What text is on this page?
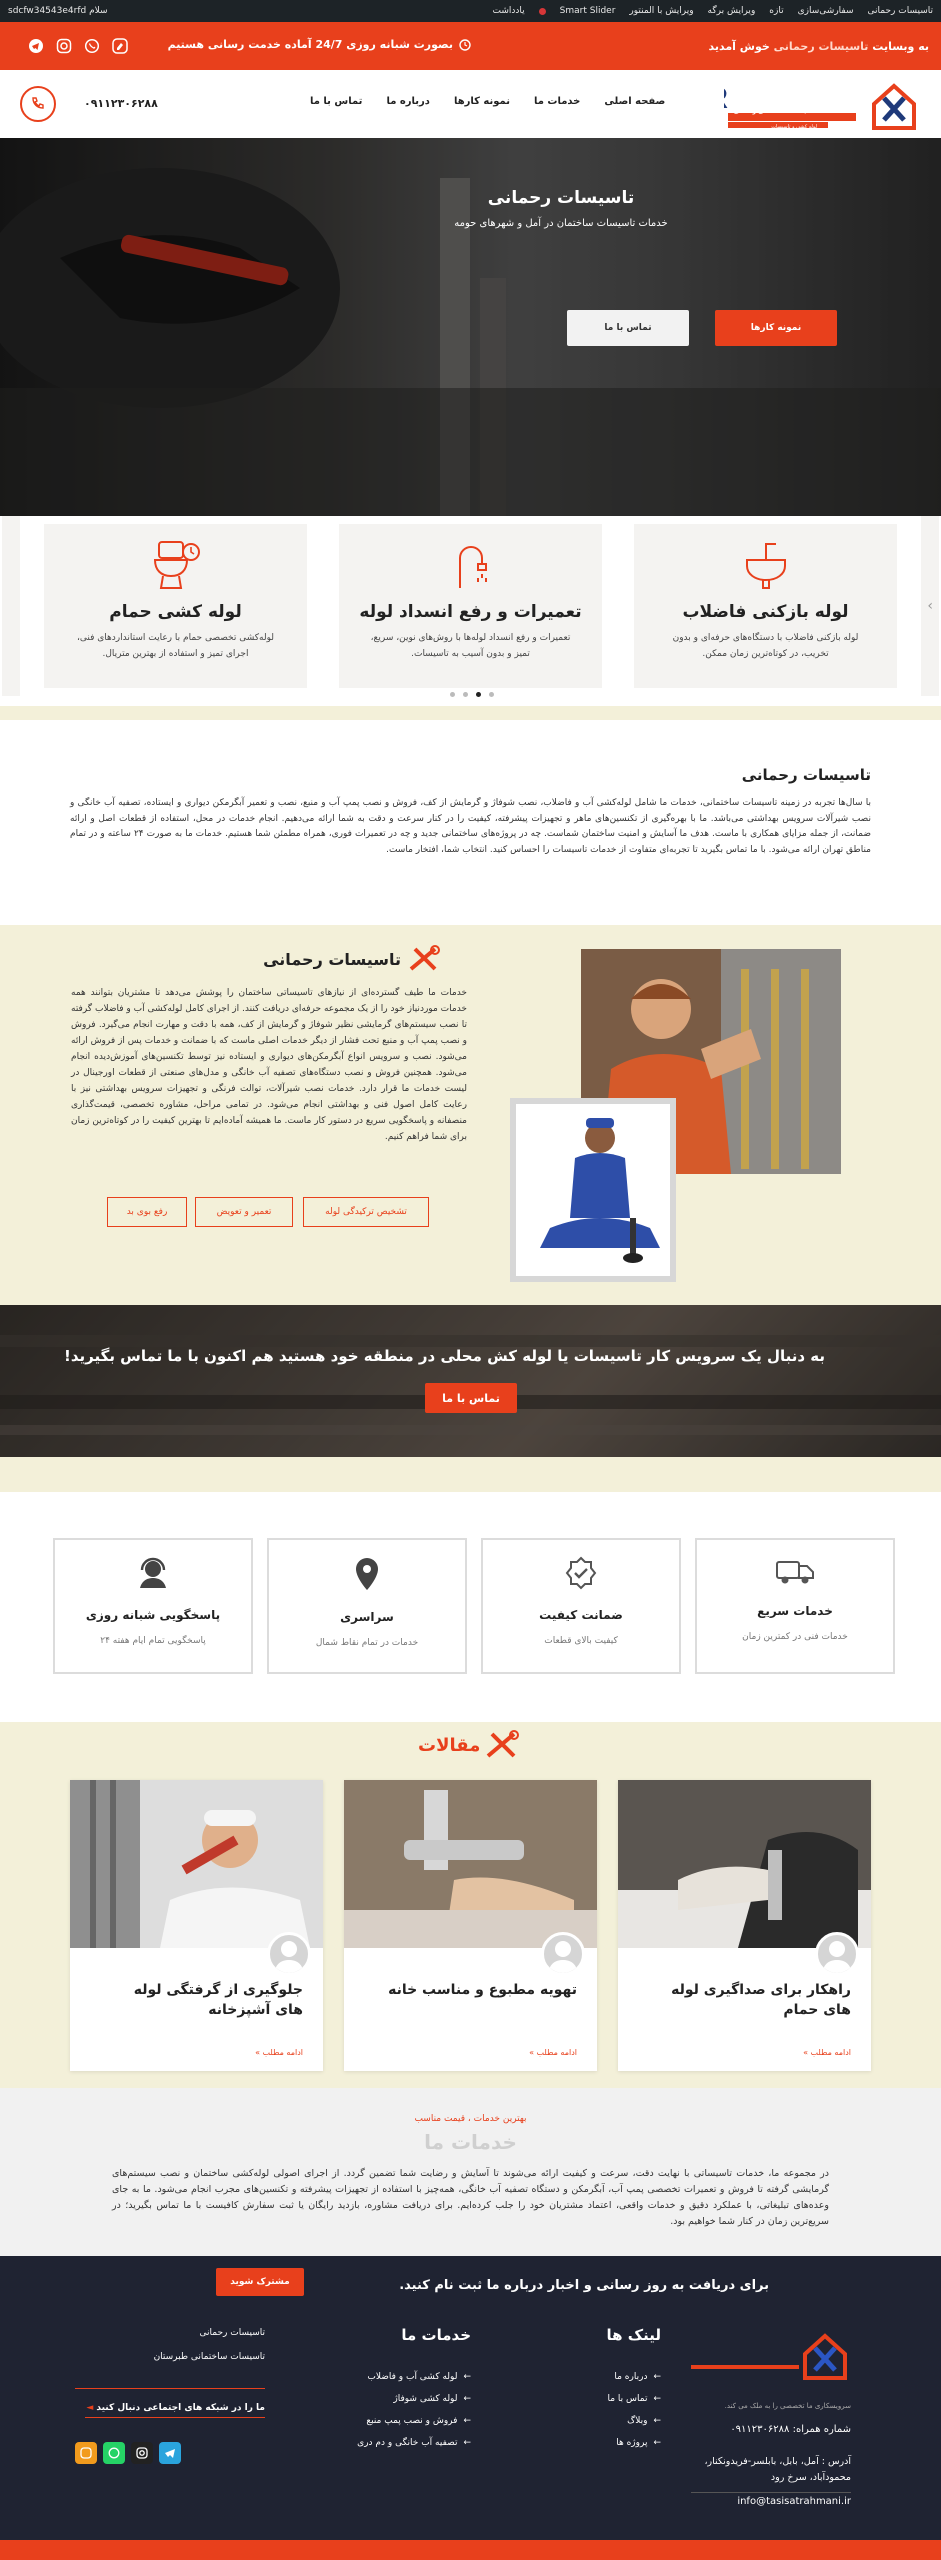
تاسیسات رحمانی
سفارشی‌سازی
تازه
ویرایش برگه
ویرایش با المنتور
Smart Slider
یادداشت
سلام sdcfw34543e4rfd
به وبسایت تاسیسات رحمانی خوش آمدید
بصورت شبانه روزی 24/7 آماده خدمت رسانی هستیم
تاسیسات ساختمانی رحمانی
لوله کشی و تاسیسات
صفحه اصلی
خدمات ما
نمونه کارها
درباره ما
تماس با ما
۰۹۱۱۲۳۰۶۲۸۸
تاسیسات رحمانی

خدمات تاسیسات ساختمان در آمل و شهرهای حومه

نمونه کارها
تماس با ما
›
لوله بازکنی فاضلاب

لوله بازکنی فاضلاب با دستگاه‌های حرفه‌ای و بدون تخریب، در کوتاه‌ترین زمان ممکن.

تعمیرات و رفع انسداد لوله

تعمیرات و رفع انسداد لوله‌ها با روش‌های نوین، سریع، تمیز و بدون آسیب به تاسیسات.

لوله کشی حمام

لوله‌کشی تخصصی حمام با رعایت استانداردهای فنی، اجرای تمیز و استفاده از بهترین متریال.

تاسیسات رحمانی

با سال‌ها تجربه در زمینه تاسیسات ساختمانی، خدمات ما شامل لوله‌کشی آب و فاضلاب، نصب شوفاژ و گرمایش از کف، فروش و نصب پمپ آب و منبع، نصب و تعمیر آبگرمکن دیواری و ایستاده، تصفیه آب خانگی و نصب شیرآلات سرویس بهداشتی می‌باشد. ما با بهره‌گیری از تکنسین‌های ماهر و تجهیزات پیشرفته، کیفیت را در کنار سرعت و دقت به شما ارائه می‌دهیم. انجام خدمات در محل، استفاده از قطعات اصل و ارائه ضمانت، از جمله مزایای همکاری با ماست. هدف ما آسایش و امنیت ساختمان شماست. چه در پروژه‌های ساختمانی جدید و چه در تعمیرات فوری، همراه مطمئن شما هستیم. خدمات ما به صورت ۲۴ ساعته و در تمام مناطق تهران ارائه می‌شود. با ما تماس بگیرید تا تجربه‌ای متفاوت از خدمات تاسیسات را احساس کنید. انتخاب شما، افتخار ماست.

تاسیسات رحمانی

خدمات ما طیف گسترده‌ای از نیازهای تاسیساتی ساختمان را پوشش می‌دهد تا مشتریان بتوانند همه خدمات موردنیاز خود را از یک مجموعه حرفه‌ای دریافت کنند. از اجرای کامل لوله‌کشی آب و فاضلاب گرفته تا نصب سیستم‌های گرمایشی نظیر شوفاژ و گرمایش از کف، همه با دقت و مهارت انجام می‌گیرد. فروش و نصب پمپ آب و منبع تحت فشار از دیگر خدمات اصلی ماست که با ضمانت و خدمات پس از فروش ارائه می‌شود. نصب و سرویس انواع آبگرمکن‌های دیواری و ایستاده نیز توسط تکنسین‌های آموزش‌دیده انجام می‌شود. همچنین فروش و نصب دستگاه‌های تصفیه آب خانگی و مدل‌های صنعتی از قطعات اورجینال در لیست خدمات ما قرار دارد. خدمات نصب شیرآلات، توالت فرنگی و تجهیزات سرویس بهداشتی نیز با رعایت کامل اصول فنی و بهداشتی انجام می‌شود. در تمامی مراحل، مشاوره تخصصی، قیمت‌گذاری منصفانه و پاسخگویی سریع در دستور کار ماست. ما همیشه آماده‌ایم تا بهترین کیفیت را در کوتاه‌ترین زمان برای شما فراهم کنیم.

تشخیص ترکیدگی لوله
تعمیر و تعویض
رفع بوی بد
به دنبال یک سرویس کار تاسیسات یا لوله کش محلی در منطقه خود هستید هم اکنون با ما تماس بگیرید!
تماس با ما
خدمات سریع

خدمات فنی در کمترین زمان

ضمانت کیفیت

کیفیت بالای قطعات

سراسری

خدمات در تمام نقاط شمال

پاسخگویی شبانه روزی

پاسخگویی تمام ایام هفته ۲۴

مقالات
راهکار برای صداگیری لوله های حمام
ادامه مطلب »
تهویه مطبوع و مناسب خانه
ادامه مطلب »
جلوگیری از گرفتگی لوله های آشپزخانه
ادامه مطلب »
بهترین خدمات ، قیمت مناسب
خدمات ما

در مجموعه ما، خدمات تاسیساتی با نهایت دقت، سرعت و کیفیت ارائه می‌شوند تا آسایش و رضایت شما تضمین گردد. از اجرای اصولی لوله‌کشی ساختمان و نصب سیستم‌های گرمایشی گرفته تا فروش و تعمیرات تخصصی پمپ آب، آبگرمکن و دستگاه تصفیه آب خانگی، همه‌چیز با استفاده از تجهیزات پیشرفته و تکنسین‌های مجرب انجام می‌شود. ما به جای وعده‌های تبلیغاتی، با عملکرد دقیق و خدمات واقعی، اعتماد مشتریان خود را جلب کرده‌ایم. برای دریافت مشاوره، بازدید رایگان یا ثبت سفارش کافیست با ما تماس بگیرید؛ در سریع‌ترین زمان در کنار شما خواهیم بود.

برای دریافت به روز رسانی و اخبار درباره ما ثبت نام کنید.
مشترک شوید
سرویسکاری ما تخصصی را به ملک می کند.
شماره همراه: ۰۹۱۱۲۳۰۶۲۸۸
آدرس : آمل، بابل، بابلسر-فریدونکنار، محمودآباد، سرخ رود
info@tasisatrahmani.ir
لینک ها
←درباره ما
←تماس با ما
←وبلاگ
←پروژه ها
خدمات ما
←لوله کشی آب و فاضلاب
←لوله کشی شوفاژ
←فروش و نصب پمپ منبع
←تصفیه آب خانگی و دم دری
تاسیسات رحمانی
تاسیسات ساختمانی طبرستان
ما را در شبکه های اجتماعی دنبال کنید ◄
